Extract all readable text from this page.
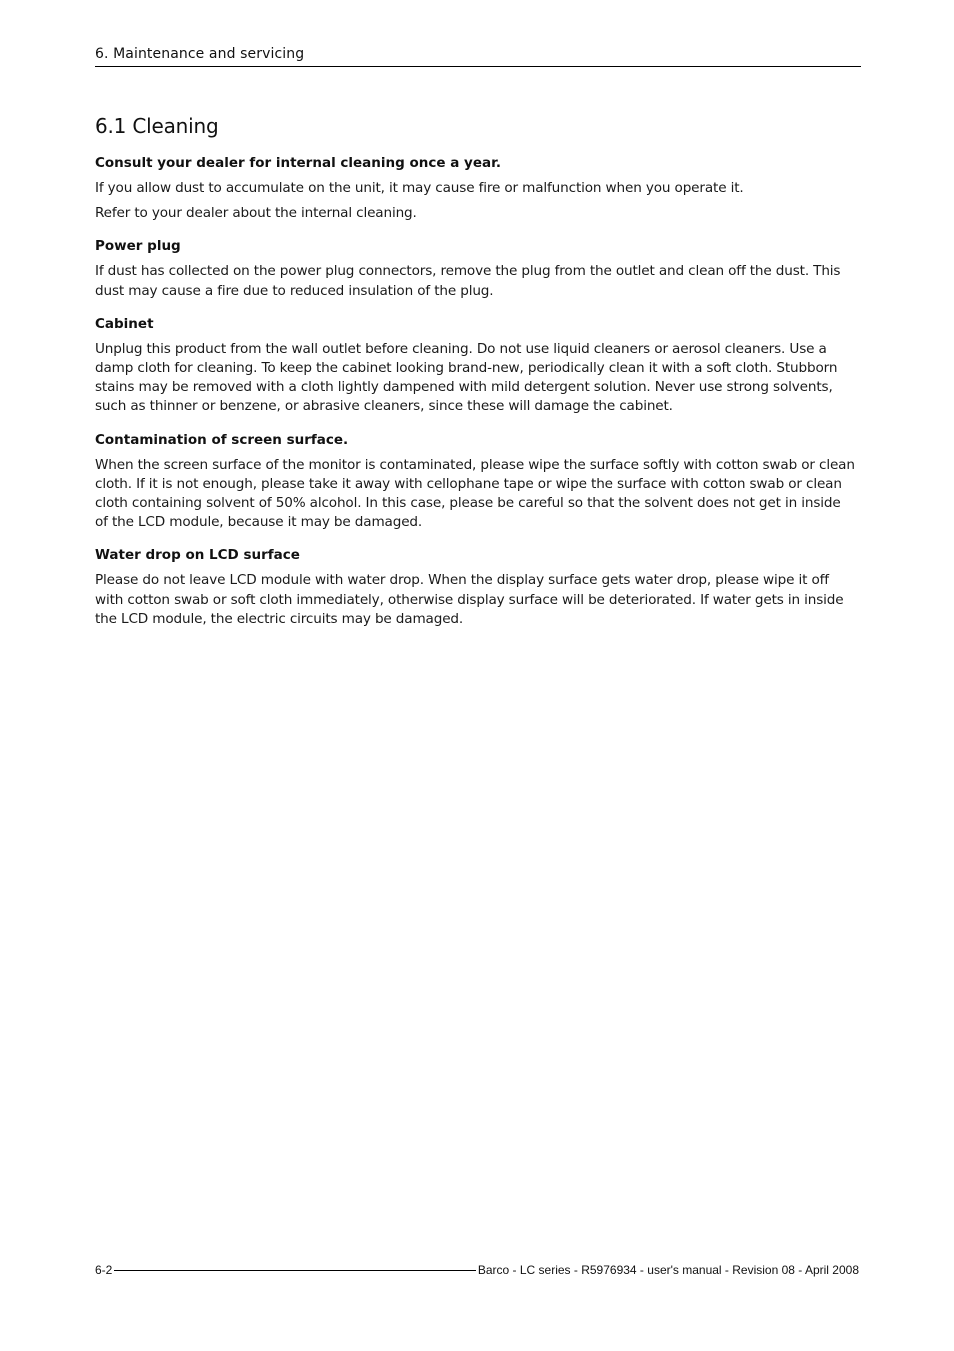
6. Maintenance and servicing
6.1 Cleaning
Consult your dealer for internal cleaning once a year.

If you allow dust to accumulate on the unit, it may cause fire or malfunction when you operate it.

Refer to your dealer about the internal cleaning.

Power plug

If dust has collected on the power plug connectors, remove the plug from the outlet and clean off the dust. This dust may cause a fire due to reduced insulation of the plug.

Cabinet

Unplug this product from the wall outlet before cleaning. Do not use liquid cleaners or aerosol cleaners. Use a damp cloth for cleaning. To keep the cabinet looking brand-new, periodically clean it with a soft cloth. Stubborn stains may be removed with a cloth lightly dampened with mild detergent solution. Never use strong solvents, such as thinner or benzene, or abrasive cleaners, since these will damage the cabinet.

Contamination of screen surface.

When the screen surface of the monitor is contaminated, please wipe the surface softly with cotton swab or clean cloth. If it is not enough, please take it away with cellophane tape or wipe the surface with cotton swab or clean cloth containing solvent of 50% alcohol. In this case, please be careful so that the solvent does not get in inside of the LCD module, because it may be damaged.

Water drop on LCD surface

Please do not leave LCD module with water drop. When the display surface gets water drop, please wipe it off with cotton swab or soft cloth immediately, otherwise display surface will be deteriorated. If water gets in inside the LCD module, the electric circuits may be damaged.

6-2	Barco - LC series - R5976934 - user's manual - Revision 08 - April 2008
